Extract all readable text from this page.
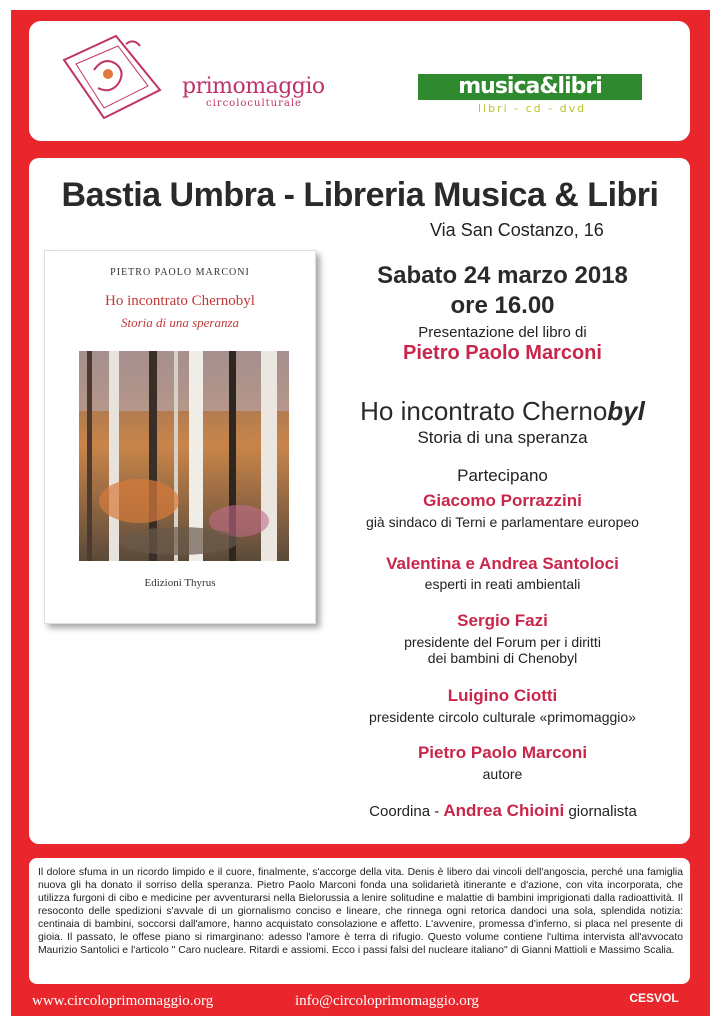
primomaggio
circoloculturale
musica&libri
libri - cd - dvd
Bastia Umbra - Libreria Musica & Libri
Via San Costanzo, 16
PIETRO PAOLO MARCONI
Ho incontrato Chernobyl
Storia di una speranza
Edizioni Thyrus
Sabato 24 marzo 2018
ore 16.00
Presentazione del libro di
Pietro Paolo Marconi
Ho incontrato Chernobyl
Storia di una speranza
Partecipano
Giacomo Porrazzini
già sindaco di Terni e parlamentare europeo
Valentina e Andrea Santoloci
esperti in reati ambientali
Sergio Fazi
presidente del Forum per i diritti
dei bambini di Chenobyl
Luigino Ciotti
presidente circolo culturale «primomaggio»
Pietro Paolo Marconi
autore
Coordina - Andrea Chioini giornalista
Il dolore sfuma in un ricordo limpido e il cuore, finalmente, s'accorge della vita. Denis è libero dai vincoli dell'angoscia, perché una famiglia nuova gli ha donato il sorriso della speranza. Pietro Paolo Marconi fonda una solidarietà itinerante e d'azione, con vita incorporata, che utilizza furgoni di cibo e medicine per avventurarsi nella Bielorussia a lenire solitudine e malattie di bambini imprigionati dalla radioattività. Il resoconto delle spedizioni s'avvale di un giornalismo conciso e lineare, che rinnega ogni retorica dandoci una sola, splendida notizia: centinaia di bambini, soccorsi dall'amore, hanno acquistato consolazione e affetto. L'avvenire, promessa d'inferno, si placa nel presente di gioia. Il passato, le offese piano si rimarginano: adesso l'amore è terra di rifugio. Questo volume contiene l'ultima intervista all'avvocato Maurizio Santolici e l'articolo " Caro nucleare. Ritardi e assiomi. Ecco i passi falsi del nucleare italiano" di Gianni Mattioli e Massimo Scalia.
www.circoloprimomaggio.org	info@circoloprimomaggio.org	CESVOL
